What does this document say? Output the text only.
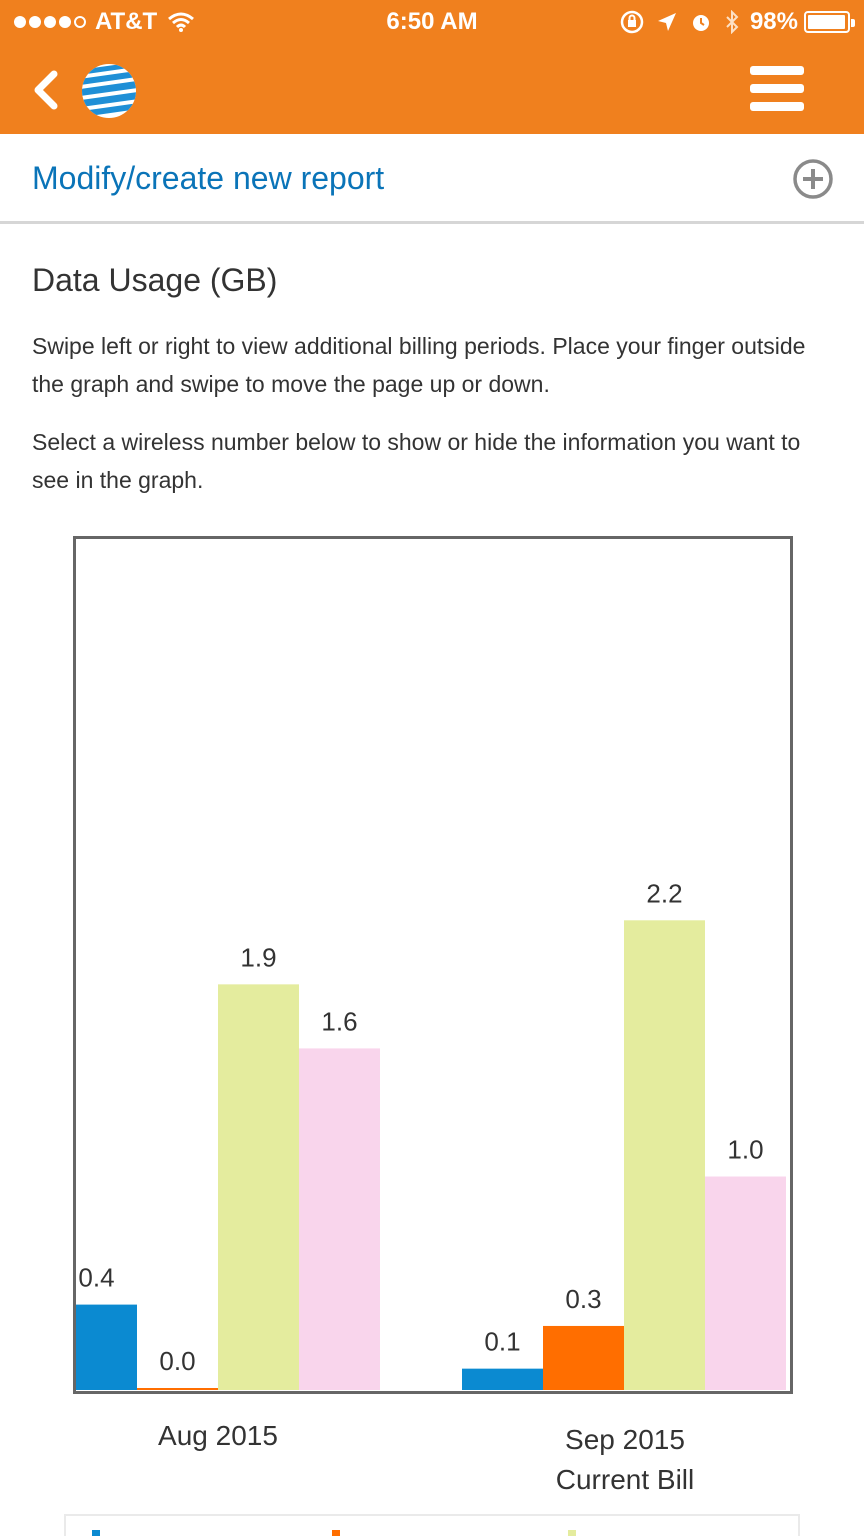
AT&T	6:50 AM	98%
Modify/create new report
Data Usage (GB)
Swipe left or right to view additional billing periods. Place your finger outside the graph and swipe to move the page up or down.
Select a wireless number below to show or hide the information you want to see in the graph.
0.4
0.0
1.9
1.6
0.1
0.3
2.2
1.0
Aug 2015	Sep 2015
Current Bill
